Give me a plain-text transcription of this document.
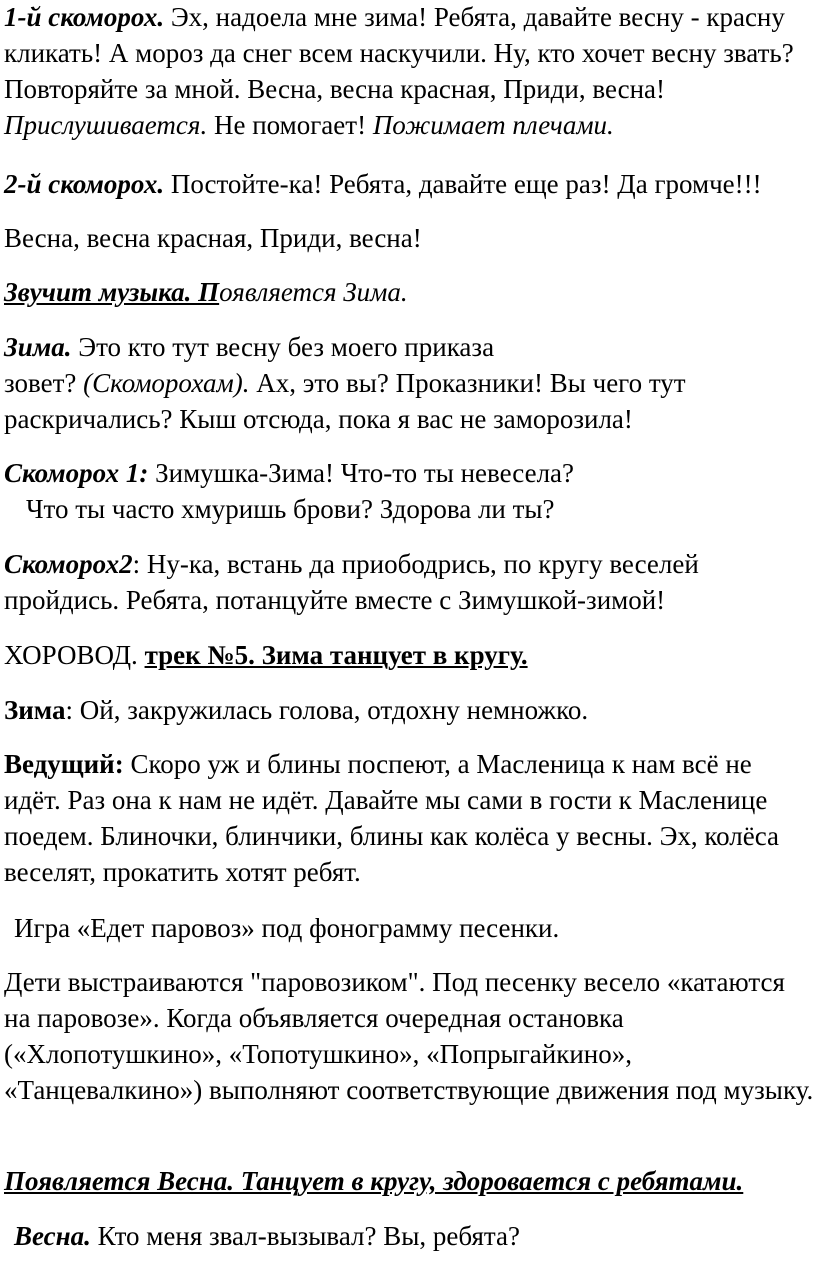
1-й скоморох. Эх, надоела мне зима! Ребята, давайте весну - красну кликать! А мороз да снег всем наскучили. Ну, кто хочет весну звать? Повторяйте за мной. Весна, весна красная, Приди, весна! Прислушивается. Не помогает! Пожимает плечами.

2-й скоморох. Постойте-ка! Ребята, давайте еще раз! Да громче!!!

Весна, весна красная, Приди, весна!

Звучит музыка. Появляется Зима.

Зима. Это кто тут весну без моего приказа
зовет? (Скоморохам). Ах, это вы? Проказники! Вы чего тут раскричались? Кыш отсюда, пока я вас не заморозила!

Скоморох 1: Зимушка-Зима! Что-то ты невесела?
Что ты часто хмуришь брови? Здорова ли ты?

Скоморох2: Ну-ка, встань да приободрись, по кругу веселей пройдись. Ребята, потанцуйте вместе с Зимушкой-зимой!

ХОРОВОД. трек №5. Зима танцует в кругу.

Зима: Ой, закружилась голова, отдохну немножко.

Ведущий: Скоро уж и блины поспеют, а Масленица к нам всё не идёт. Раз она к нам не идёт. Давайте мы сами в гости к Масленице поедем. Блиночки, блинчики, блины как колёса у весны. Эх, колёса веселят, прокатить хотят ребят.

Игра «Едет паровоз» под фонограмму песенки.

Дети выстраиваются "паровозиком". Под песенку весело «катаются на паровозе». Когда объявляется очередная остановка («Хлопотушкино», «Топотушкино», «Попрыгайкино», «Танцевалкино») выполняют соответствующие движения под музыку.

Появляется Весна. Танцует в кругу, здоровается с ребятами.

Весна. Кто меня звал-вызывал? Вы, ребята?
